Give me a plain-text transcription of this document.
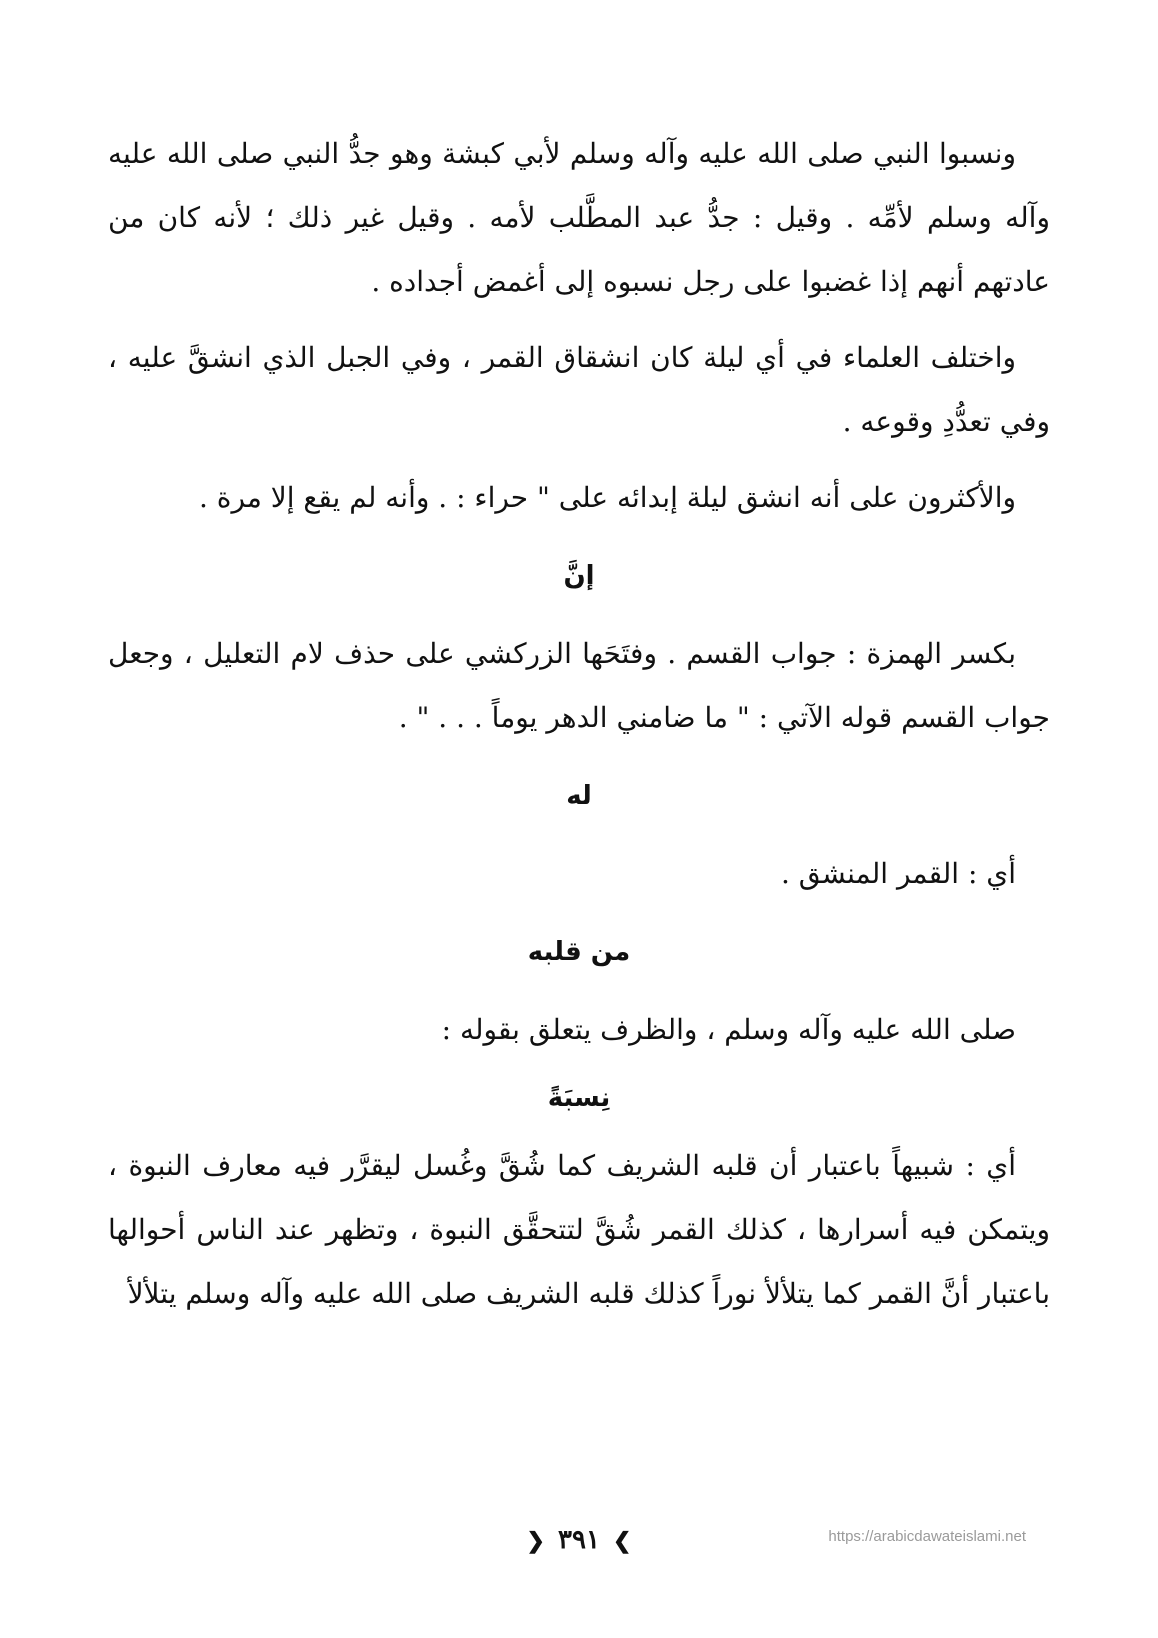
ونسبوا النبي صلى الله عليه وآله وسلم لأبي كبشة وهو جدُّ النبي صلى الله عليه وآله وسلم لأمِّه . وقيل : جدُّ عبد المطَّلب لأمه . وقيل غير ذلك ؛ لأنه كان من عادتهم أنهم إذا غضبوا على رجل نسبوه إلى أغمض أجداده .

واختلف العلماء في أي ليلة كان انشقاق القمر ، وفي الجبل الذي انشقَّ عليه ، وفي تعدُّدِ وقوعه .

والأكثرون على أنه انشق ليلة إبدائه على " حراء : . وأنه لم يقع إلا مرة .

إنَّ

بكسر الهمزة : جواب القسم . وفتَحَها الزركشي على حذف لام التعليل ، وجعل جواب القسم قوله الآتي : " ما ضامني الدهر يوماً . . . " .

له

أي : القمر المنشق .

من قلبه

صلى الله عليه وآله وسلم ، والظرف يتعلق بقوله :

نِسبَةً

أي : شبيهاً باعتبار أن قلبه الشريف كما شُقَّ وغُسل ليقرَّر فيه معارف النبوة ، ويتمكن فيه أسرارها ، كذلك القمر شُقَّ لتتحقَّق النبوة ، وتظهر عند الناس أحوالها باعتبار أنَّ القمر كما يتلألأ نوراً كذلك قلبه الشريف صلى الله عليه وآله وسلم يتلألأ

❯ ٣٩١ ❮	https://arabicdawateislami.net
